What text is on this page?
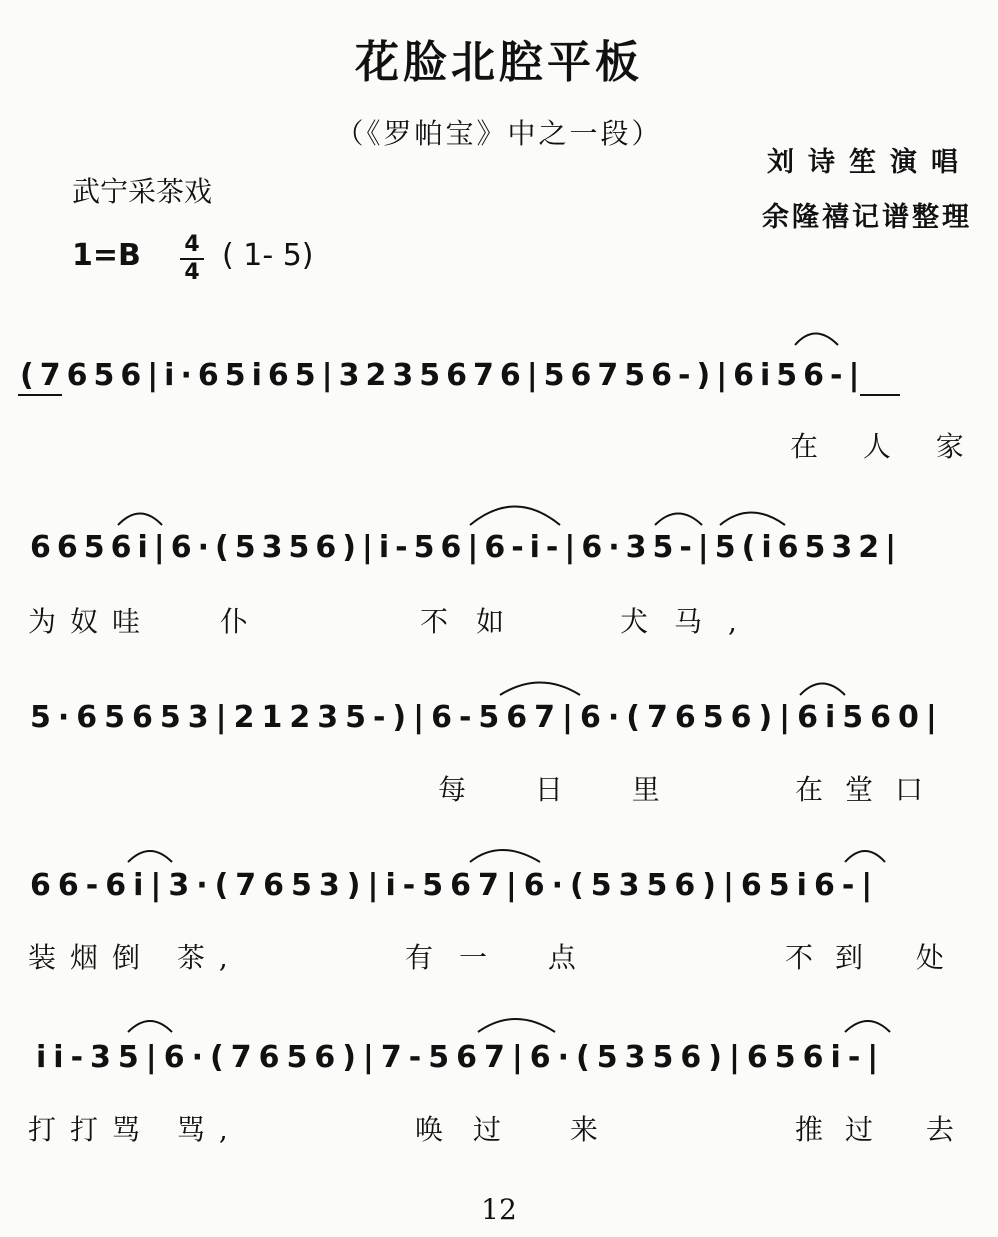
花脸北腔平板
（《罗帕宝》中之一段）
武宁采茶戏
刘诗笙演唱
余隆禧记谱整理
1=B 4
4 ( 1- 5)
(7656|i·65i65|3235676|56756-)|6i56-|
在 人 家
6656i|6·(5356)|i-56|6-i-|6·35-|5(i6532|
为奴哇 仆	不如	犬马,
5·65653|21235-)|6-567|6·(7656)|6i560|
每 日 里	在堂口
66-6i|3·(7653)|i-567|6·(5356)|65i6-|
装烟倒 茶,	有一 点	不到 处
ii-35|6·(7656)|7-567|6·(5356)|656i-|
打打骂 骂,	唤过 来	推过 去
12
